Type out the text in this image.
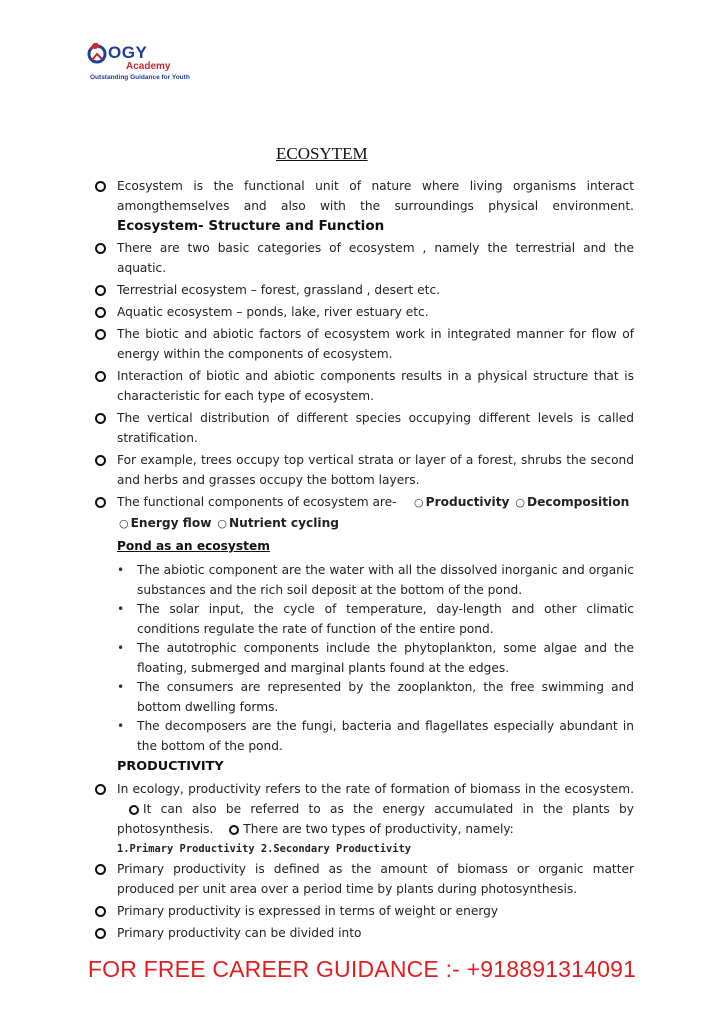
OGY
Academy
Outstanding Guidance for Youth
ECOSYTEM
Ecosystem is the functional unit of nature where living organisms interact amongthemselves and also with the surroundings physical environment. Ecosystem- Structure and Function
There are two basic categories of ecosystem , namely the terrestrial and the aquatic.
Terrestrial ecosystem – forest, grassland , desert etc.
Aquatic ecosystem – ponds, lake, river estuary etc.
The biotic and abiotic factors of ecosystem work in integrated manner for flow of energy within the components of ecosystem.
Interaction of biotic and abiotic components results in a physical structure that is characteristic for each type of ecosystem.
The vertical distribution of different species occupying different levels is called stratification.
For example, trees occupy top vertical strata or layer of a forest, shrubs the second and herbs and grasses occupy the bottom layers.
The functional components of ecosystem are- ○ Productivity ○ Decomposition ○ Energy flow ○ Nutrient cycling
Pond as an ecosystem
• The abiotic component are the water with all the dissolved inorganic and organic substances and the rich soil deposit at the bottom of the pond.
• The solar input, the cycle of temperature, day-length and other climatic conditions regulate the rate of function of the entire pond.
• The autotrophic components include the phytoplankton, some algae and the floating, submerged and marginal plants found at the edges.
• The consumers are represented by the zooplankton, the free swimming and bottom dwelling forms.
• The decomposers are the fungi, bacteria and flagellates especially abundant in the bottom of the pond.
PRODUCTIVITY
In ecology, productivity refers to the rate of formation of biomass in the ecosystem. It can also be referred to as the energy accumulated in the plants by photosynthesis. There are two types of productivity, namely:
1.Primary Productivity 2.Secondary Productivity
Primary productivity is defined as the amount of biomass or organic matter produced per unit area over a period time by plants during photosynthesis.
Primary productivity is expressed in terms of weight or energy
Primary productivity can be divided into
FOR FREE CAREER GUIDANCE :- +918891314091
